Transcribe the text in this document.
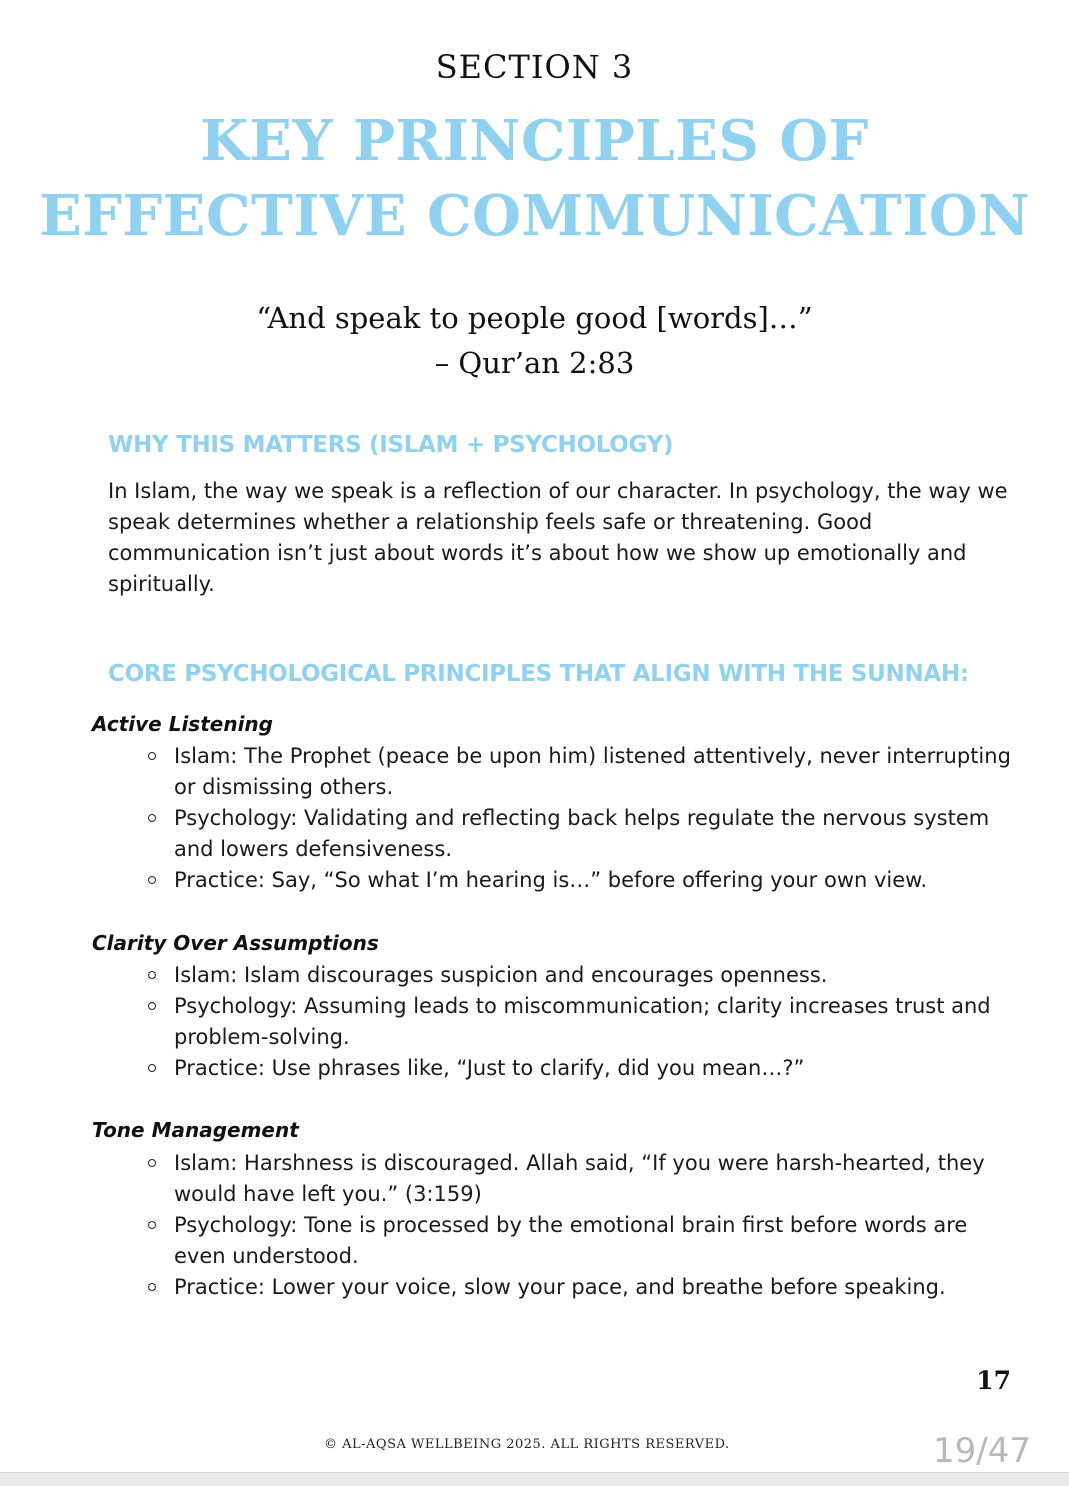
SECTION 3
KEY PRINCIPLES OF
EFFECTIVE COMMUNICATION
“And speak to people good [words]…”
– Qur’an 2:83
WHY THIS MATTERS (ISLAM + PSYCHOLOGY)
In Islam, the way we speak is a reflection of our character. In psychology, the way we speak determines whether a relationship feels safe or threatening. Good communication isn’t just about words it’s about how we show up emotionally and spiritually.
CORE PSYCHOLOGICAL PRINCIPLES THAT ALIGN WITH THE SUNNAH:
Active Listening
Islam: The Prophet (peace be upon him) listened attentively, never interrupting or dismissing others.
Psychology: Validating and reflecting back helps regulate the nervous system and lowers defensiveness.
Practice: Say, “So what I’m hearing is…” before offering your own view.
Clarity Over Assumptions
Islam: Islam discourages suspicion and encourages openness.
Psychology: Assuming leads to miscommunication; clarity increases trust and problem-solving.
Practice: Use phrases like, “Just to clarify, did you mean…?”
Tone Management
Islam: Harshness is discouraged. Allah said, “If you were harsh-hearted, they would have left you.” (3:159)
Psychology: Tone is processed by the emotional brain first before words are even understood.
Practice: Lower your voice, slow your pace, and breathe before speaking.
17
© AL-AQSA WELLBEING 2025. ALL RIGHTS RESERVED.	19/47
